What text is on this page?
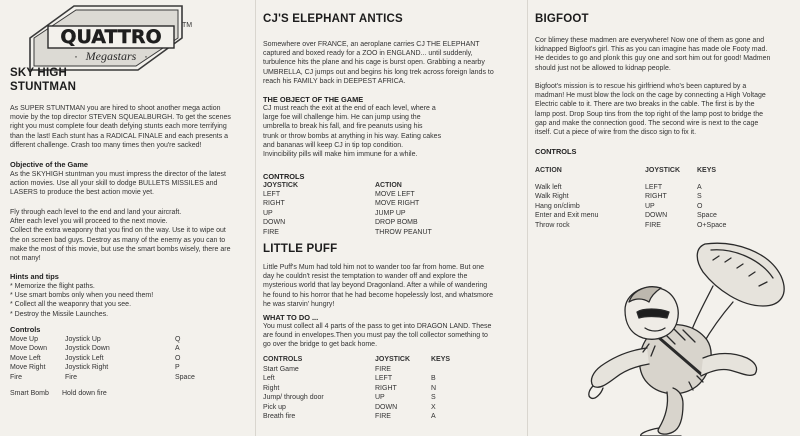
QUATTRO
TM
Megastars
·	·
SKY HIGH
STUNTMAN
As SUPER STUNTMAN you are hired to shoot another mega action
movie by the top director STEVEN SQUEALBURGH. To get the scenes
right you must complete four death defying stunts each more terrifying
than the last! Each stunt has a RADICAL FINALE and each presents a
different challenge. Crash too many times then you're sacked!
Objective of the Game
As the SKYHIGH stuntman you must impress the director of the latest
action movies. Use all your skill to dodge BULLETS MISSILES and
LASERS to produce the best action movie yet.
Fly through each level to the end and land your aircraft.
After each level you will proceed to the next movie.
Collect the extra weaponry that you find on the way. Use it to wipe out
the on screen bad guys. Destroy as many of the enemy as you can to
make the most of this movie, but use the smart bombs wisely, there are
not many!
Hints and tips
* Memorize the flight paths.
* Use smart bombs only when you need them!
* Collect all the weaponry that you see.
* Destroy the Missile Launches.
Controls
Move Up	Joystick Up	Q
Move Down	Joystick Down	A
Move Left	Joystick Left	O
Move Right	Joystick Right	P
Fire	Fire	Space
Smart Bomb	Hold down fire
CJ'S ELEPHANT ANTICS
Somewhere over FRANCE, an aeroplane carries CJ THE ELEPHANT
captured and boxed ready for a ZOO in ENGLAND... until suddenly,
turbulence hits the plane and his cage is burst open. Grabbing a nearby
UMBRELLA, CJ jumps out and begins his long trek across foreign lands to
reach his FAMILY back in DEEPEST AFRICA.
THE OBJECT OF THE GAME
CJ must reach the exit at the end of each level, where a
large foe will challenge him. He can jump using the
umbrella to break his fall, and fire peanuts using his
trunk or throw bombs at anything in his way. Eating cakes
and bananas will keep CJ in tip top condition.
Invincibility pills will make him immune for a while.
CONTROLS
JOYSTICK	ACTION
LEFT	MOVE LEFT
RIGHT	MOVE RIGHT
UP	JUMP UP
DOWN	DROP BOMB
FIRE	THROW PEANUT
LITTLE PUFF
Little Puff's Mum had told him not to wander too far from home. But one
day he couldn't resist the temptation to wander off and explore the
mysterious world that lay beyond Dragonland. After a while of wandering
he found to his horror that he had become hopelessly lost, and whatsmore
he was starvin' hungry!
WHAT TO DO ...
You must collect all 4 parts of the pass to get into DRAGON LAND. These
are found in envelopes.Then you must pay the toll collector something to
go over the bridge to get back home.
CONTROLS	JOYSTICK	KEYS
Start Game	FIRE
Left	LEFT	B
Right	RIGHT	N
Jump/ through door	UP	S
Pick up	DOWN	X
Breath fire	FIRE	A
BIGFOOT
Cor blimey these madmen are everywhere! Now one of them as gone and
kidnapped Bigfoot's girl. This as you can imagine has made ole Footy mad.
He decides to go and plonk this guy one and sort him out for good! Madmen
should just not be allowed to kidnap people.
Bigfoot's mission is to rescue his girlfriend who's been captured by a
madman! He must blow the lock on the cage by connecting a High Voltage
Electric cable to it. There are two breaks in the cable. The first is by the
lamp post. Drop Soup tins from the top right of the lamp post to bridge the
gap and make the connection good. The second wire is next to the cage
itself. Cut a piece of wire from the disco sign to fix it.
CONTROLS
ACTION	JOYSTICK	KEYS
Walk left	LEFT	A
Walk Right	RIGHT	S
Hang on/climb	UP	O
Enter and Exit menu	DOWN	Space
Throw rock	FIRE	O+Space
